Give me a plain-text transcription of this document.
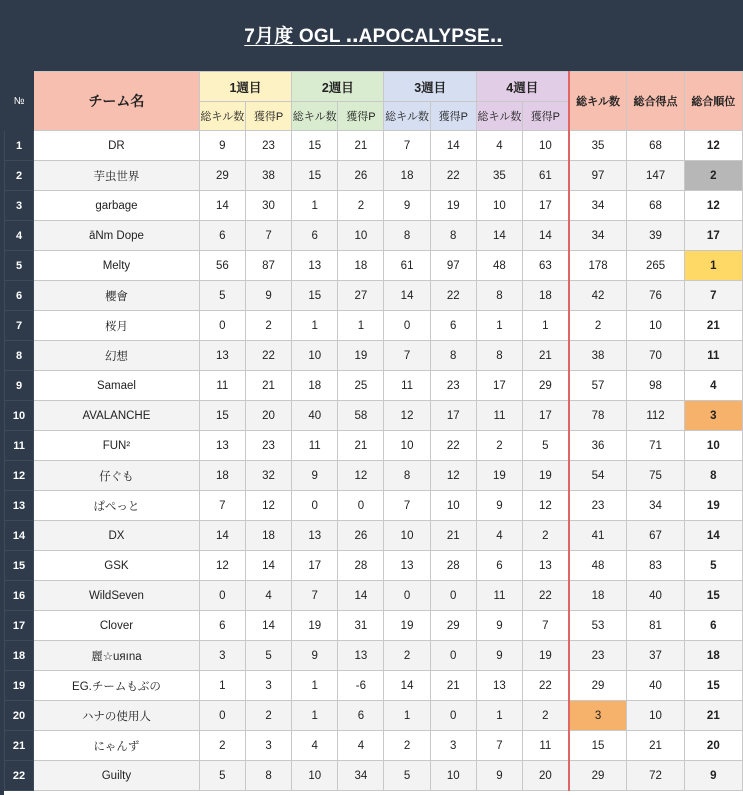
7月度 OGL ‥APOCALYPSE‥
№	チーム名	1週目		2週目		3週目		4週目		総キル数	総合得点	総合順位
		総キル数	獲得P	総キル数	獲得P	総キル数	獲得P	総キル数	獲得P			
1	DR	9	23	15	21	7	14	4	10	35	68	12
2	芋虫世界	29	38	15	26	18	22	35	61	97	147	2
3	garbage	14	30	1	2	9	19	10	17	34	68	12
4	āNm Dope	6	7	6	10	8	8	14	14	34	39	17
5	Melty	56	87	13	18	61	97	48	63	178	265	1
6	櫻會	5	9	15	27	14	22	8	18	42	76	7
7	桜月	0	2	1	1	0	6	1	1	2	10	21
8	幻想	13	22	10	19	7	8	8	21	38	70	11
9	Samael	11	21	18	25	11	23	17	29	57	98	4
10	AVALANCHE	15	20	40	58	12	17	11	17	78	112	3
11	FUN²	13	23	11	21	10	22	2	5	36	71	10
12	仔ぐも	18	32	9	12	8	12	19	19	54	75	8
13	ぱぺっと	7	12	0	0	7	10	9	12	23	34	19
14	DX	14	18	13	26	10	21	4	2	41	67	14
15	GSK	12	14	17	28	13	28	6	13	48	83	5
16	WildSeven	0	4	7	14	0	0	11	22	18	40	15
17	Clover	6	14	19	31	19	29	9	7	53	81	6
18	麗☆uяına	3	5	9	13	2	0	9	19	23	37	18
19	EG.チームもぶの	1	3	1	-6	14	21	13	22	29	40	15
20	ハナの使用人	0	2	1	6	1	0	1	2	3	10	21
21	にゃんず	2	3	4	4	2	3	7	11	15	21	20
22	Guilty	5	8	10	34	5	10	9	20	29	72	9
